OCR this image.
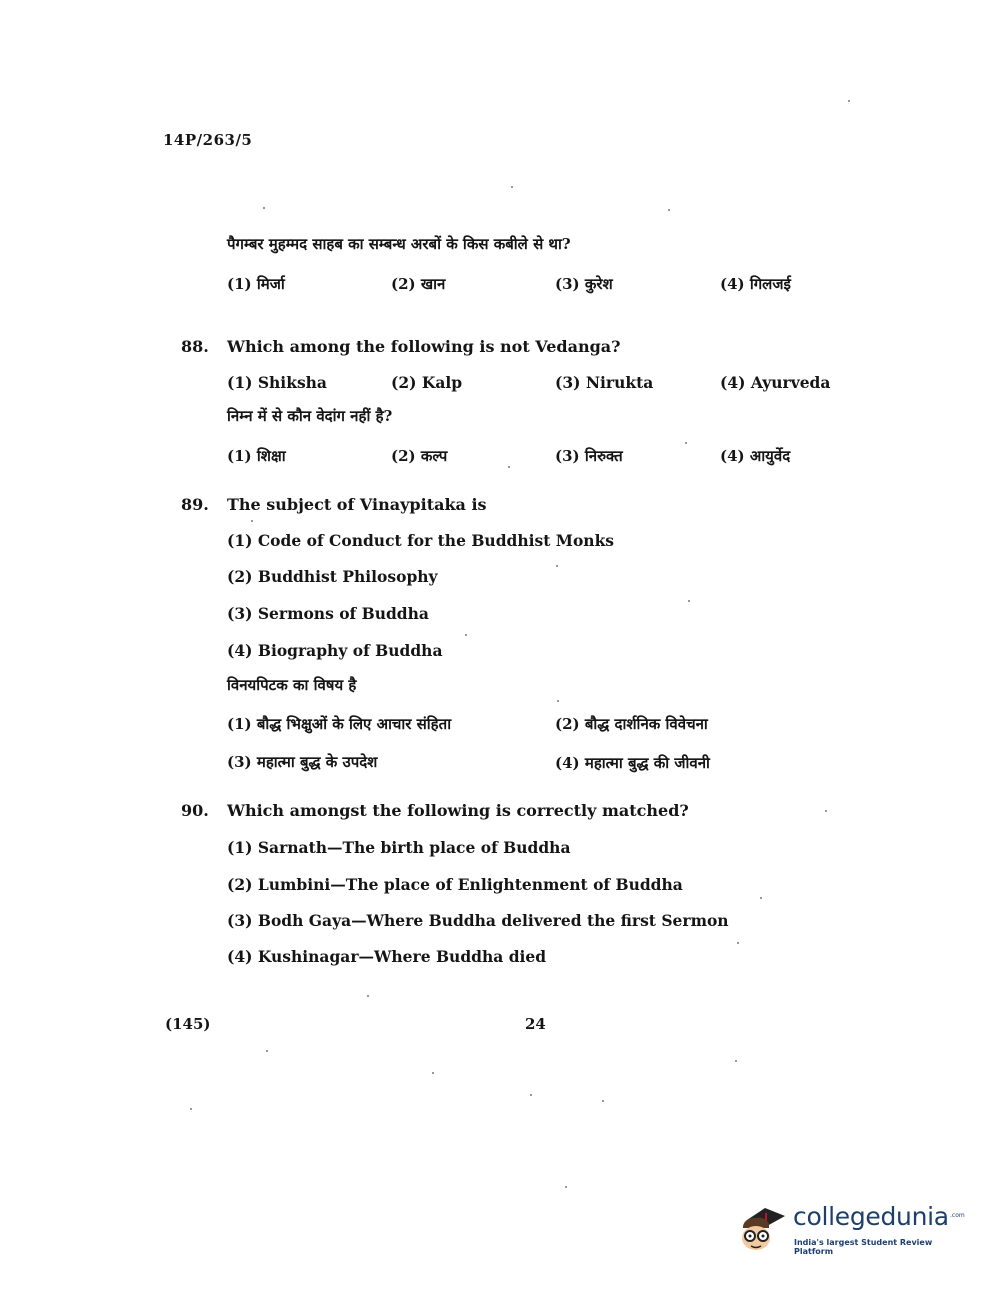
14P/263/5
पैगम्बर मुहम्मद साहब का सम्बन्ध अरबों के किस कबीले से था?
(1) मिर्जा	(2) खान	(3) कुरेश	(4) गिलजई
88. Which among the following is not Vedanga?
(1) Shiksha	(2) Kalp	(3) Nirukta	(4) Ayurveda
निम्न में से कौन वेदांग नहीं है?
(1) शिक्षा	(2) कल्प	(3) निरुक्त	(4) आयुर्वेद
89. The subject of Vinaypitaka is
(1) Code of Conduct for the Buddhist Monks
(2) Buddhist Philosophy
(3) Sermons of Buddha
(4) Biography of Buddha
विनयपिटक का विषय है
(1) बौद्ध भिक्षुओं के लिए आचार संहिता	(2) बौद्ध दार्शनिक विवेचना
(3) महात्मा बुद्ध के उपदेश	(4) महात्मा बुद्ध की जीवनी
90. Which amongst the following is correctly matched?
(1) Sarnath—The birth place of Buddha
(2) Lumbini—The place of Enlightenment of Buddha
(3) Bodh Gaya—Where Buddha delivered the first Sermon
(4) Kushinagar—Where Buddha died
(145)	24
collegedunia .com
India's largest Student Review Platform
